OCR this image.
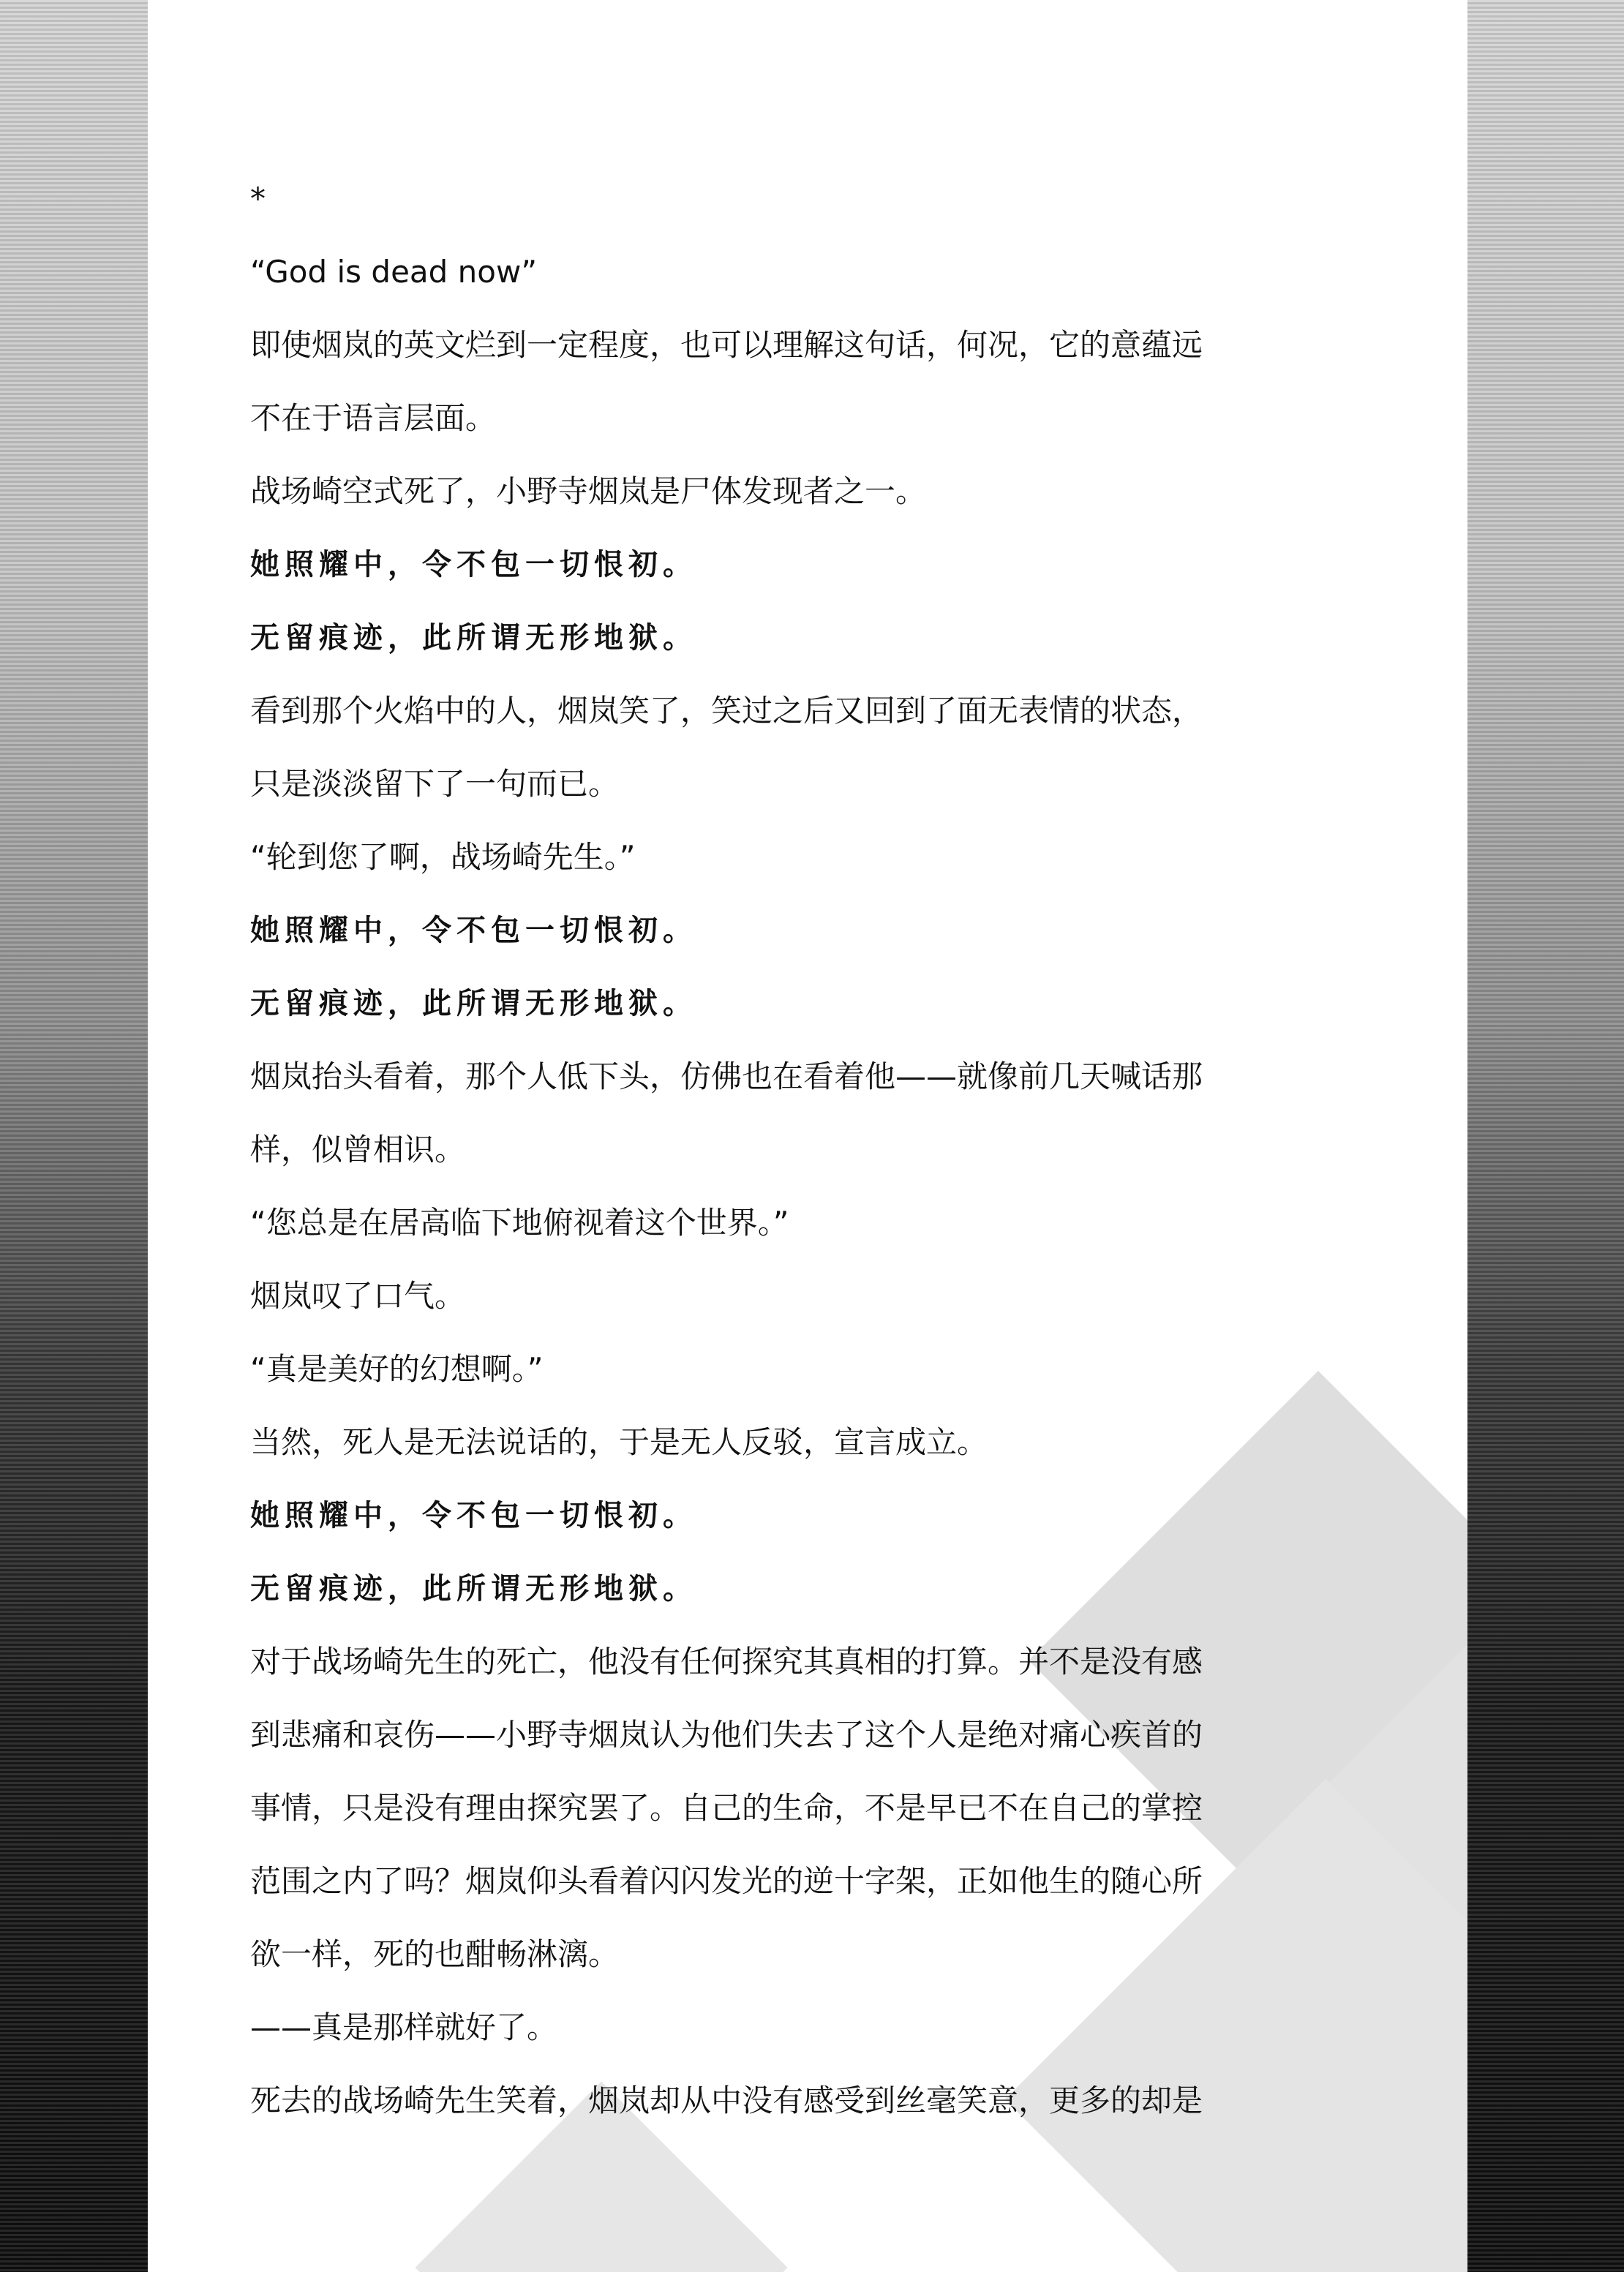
*

“God is dead now”

即使烟岚的英文烂到一定程度，也可以理解这句话，何况，它的意蕴远

不在于语言层面。

战场崎空式死了，小野寺烟岚是尸体发现者之一。

她照耀中，令不包一切恨初。

无留痕迹，此所谓无形地狱。

看到那个火焰中的人，烟岚笑了，笑过之后又回到了面无表情的状态，

只是淡淡留下了一句而已。

“轮到您了啊，战场崎先生。”

她照耀中，令不包一切恨初。

无留痕迹，此所谓无形地狱。

烟岚抬头看着，那个人低下头，仿佛也在看着他——就像前几天喊话那

样，似曾相识。

“您总是在居高临下地俯视着这个世界。”

烟岚叹了口气。

“真是美好的幻想啊。”

当然，死人是无法说话的，于是无人反驳，宣言成立。

她照耀中，令不包一切恨初。

无留痕迹，此所谓无形地狱。

对于战场崎先生的死亡，他没有任何探究其真相的打算。并不是没有感

到悲痛和哀伤——小野寺烟岚认为他们失去了这个人是绝对痛心疾首的

事情，只是没有理由探究罢了。自己的生命，不是早已不在自己的掌控

范围之内了吗？烟岚仰头看着闪闪发光的逆十字架，正如他生的随心所

欲一样，死的也酣畅淋漓。

——真是那样就好了。

死去的战场崎先生笑着，烟岚却从中没有感受到丝毫笑意，更多的却是
